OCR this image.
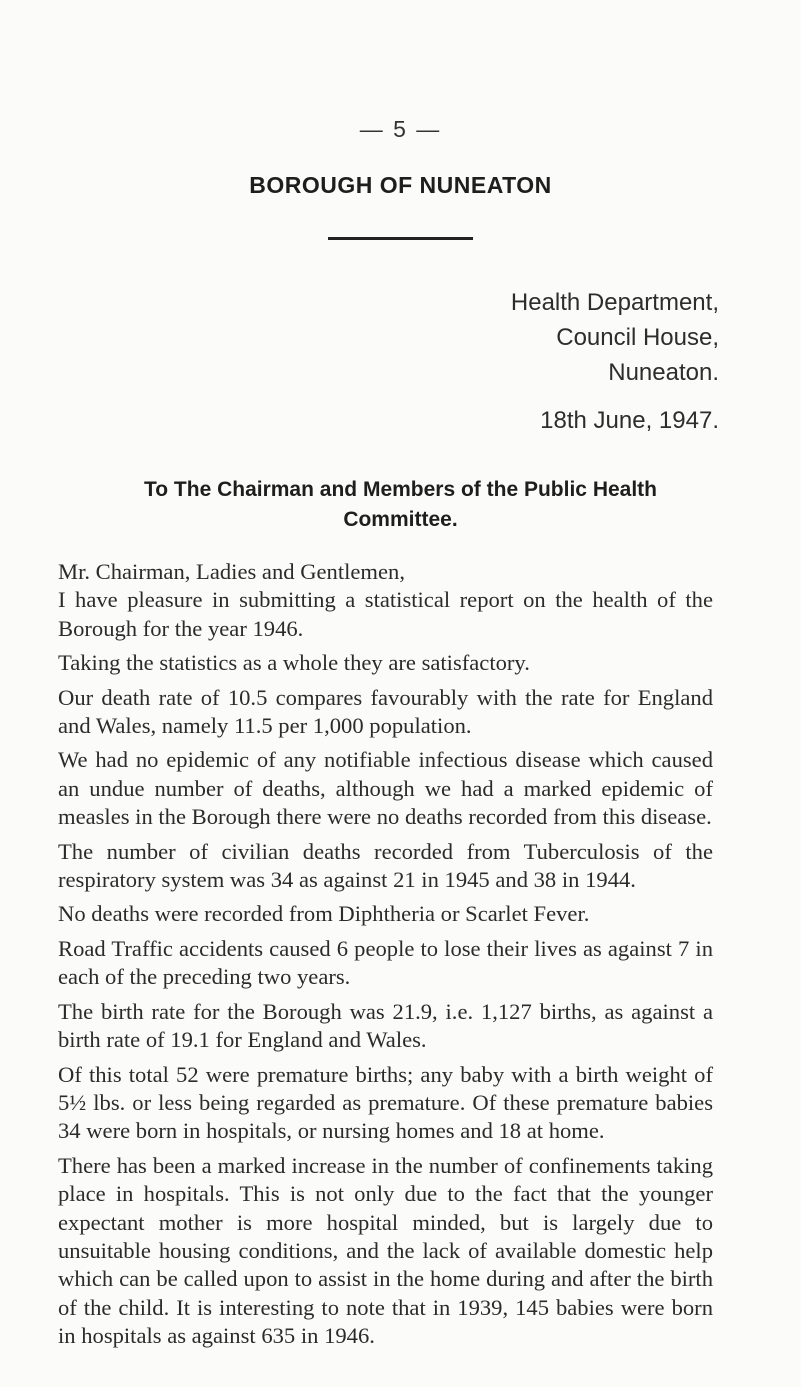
— 5 —
BOROUGH OF NUNEATON
Health Department,
Council House,
Nuneaton.
18th June, 1947.
To The Chairman and Members of the Public Health
Committee.

Mr. Chairman, Ladies and Gentlemen,

I have pleasure in submitting a statistical report on the health of the Borough for the year 1946.

Taking the statistics as a whole they are satisfactory.

Our death rate of 10.5 compares favourably with the rate for England and Wales, namely 11.5 per 1,000 population.

We had no epidemic of any notifiable infectious disease which caused an undue number of deaths, although we had a marked epidemic of measles in the Borough there were no deaths recorded from this disease.

The number of civilian deaths recorded from Tuberculosis of the respiratory system was 34 as against 21 in 1945 and 38 in 1944.

No deaths were recorded from Diphtheria or Scarlet Fever.

Road Traffic accidents caused 6 people to lose their lives as against 7 in each of the preceding two years.

The birth rate for the Borough was 21.9, i.e. 1,127 births, as against a birth rate of 19.1 for England and Wales.

Of this total 52 were premature births; any baby with a birth weight of 5½ lbs. or less being regarded as premature. Of these premature babies 34 were born in hospitals, or nursing homes and 18 at home.

There has been a marked increase in the number of confinements taking place in hospitals. This is not only due to the fact that the younger expectant mother is more hospital minded, but is largely due to unsuitable housing conditions, and the lack of available domestic help which can be called upon to assist in the home during and after the birth of the child. It is interesting to note that in 1939, 145 babies were born in hospitals as against 635 in 1946.
